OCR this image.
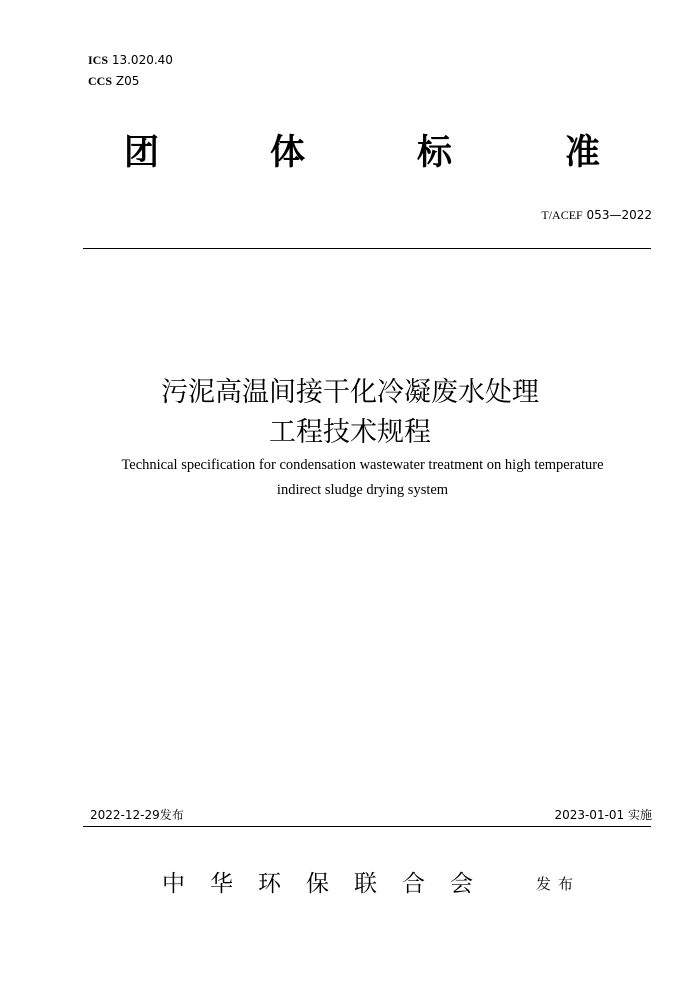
ICS 13.020.40
CCS Z05
团	体	标	准
T/ACEF 053—2022
污泥高温间接干化冷凝废水处理
工程技术规程
Technical specification for condensation wastewater treatment on high temperature
indirect sludge drying system
2022-12-29发布	2023-01-01 实施
中华环保联合会	发布
